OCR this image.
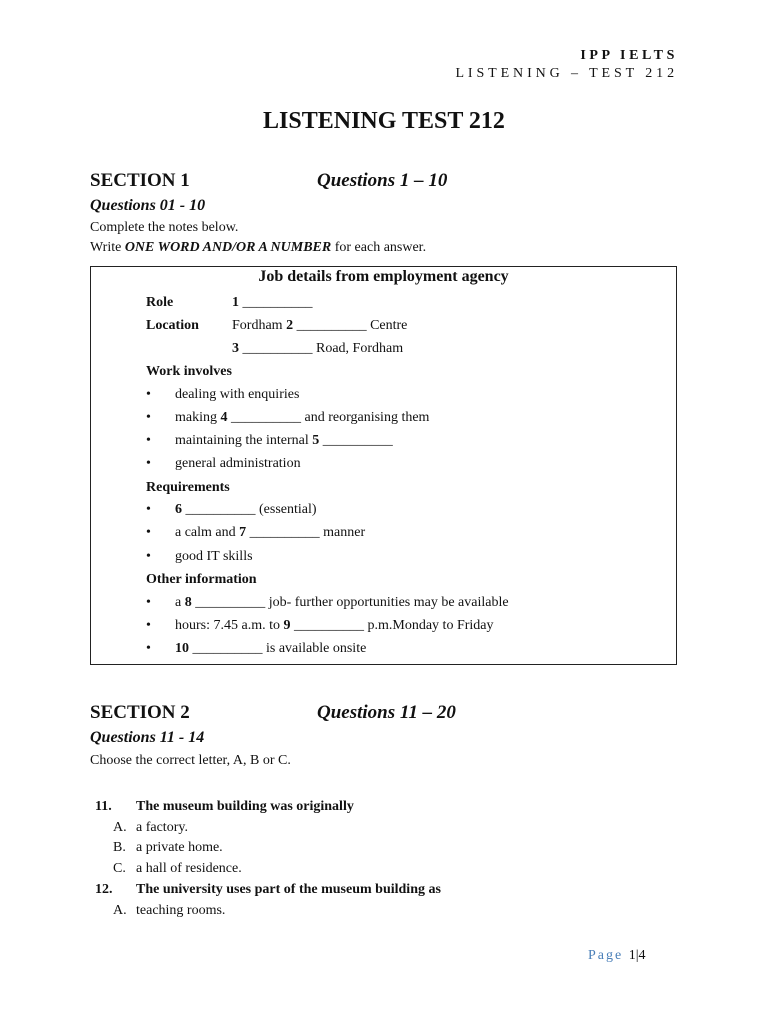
IPP IELTS
LISTENING – TEST 212
LISTENING TEST 212
SECTION 1	Questions 1 – 10
Questions 01 - 10
Complete the notes below.
Write ONE WORD AND/OR A NUMBER for each answer.
Job details from employment agency
Role	1 __________
Location Fordham 2 __________ Centre
3 __________ Road, Fordham
Work involves
• dealing with enquiries
• making 4 __________ and reorganising them
• maintaining the internal 5 __________
• general administration
Requirements
• 6 __________ (essential)
• a calm and 7 __________ manner
• good IT skills
Other information
• a 8 __________ job- further opportunities may be available
• hours: 7.45 a.m. to 9 __________ p.m.Monday to Friday
• 10 __________ is available onsite
SECTION 2	Questions 11 – 20
Questions 11 - 14
Choose the correct letter, A, B or C.
11. The museum building was originally
A. a factory.
B. a private home.
C. a hall of residence.
12. The university uses part of the museum building as
A. teaching rooms.
Page 1|4
